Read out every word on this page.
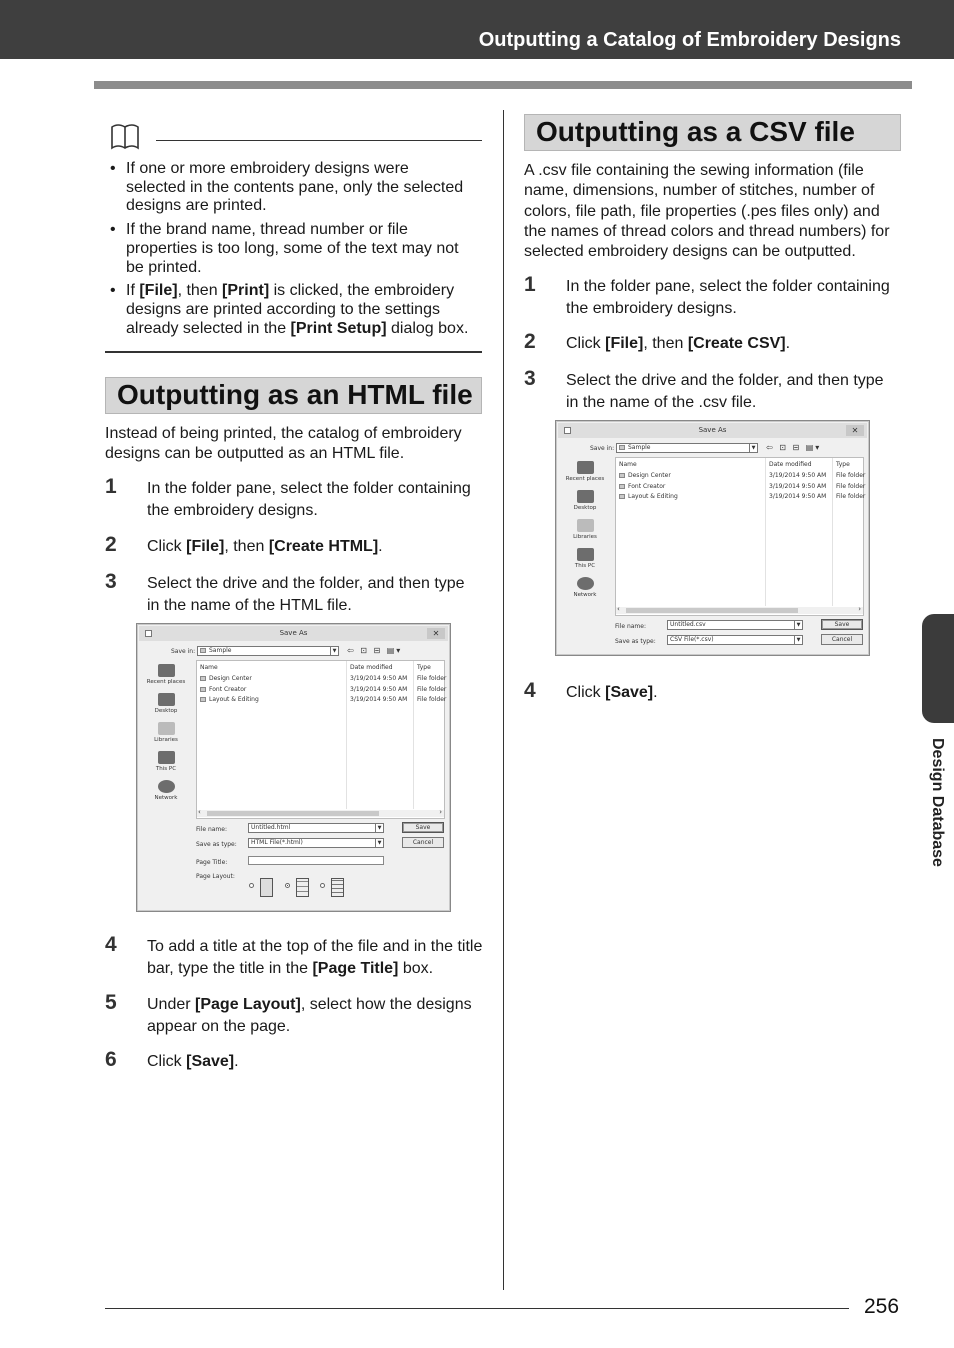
Outputting a Catalog of Embroidery Designs
• If one or more embroidery designs were
selected in the contents pane, only the selected
designs are printed.
• If the brand name, thread number or file
properties is too long, some of the text may not
be printed.
• If [File], then [Print] is clicked, the embroidery
designs are printed according to the settings
already selected in the [Print Setup] dialog box.
Outputting as an HTML file
Instead of being printed, the catalog of embroidery
designs can be outputted as an HTML file.
1 In the folder pane, select the folder containing
the embroidery designs.
2 Click [File], then [Create HTML].
3 Select the drive and the folder, and then type
in the name of the HTML file.
Save As	✕
Save in:	Sample	▼ ⇦ ⊡ ⊟ ▤▾
Recent places
Desktop
Libraries
This PC
Network
Name	Date modified	Type
Design Center	3/19/2014 9:50 AM File folder
Font Creator	3/19/2014 9:50 AM File folder
Layout & Editing	3/19/2014 9:50 AM File folder
‹	›
File name:	Untitled.html	▼	Save
Save as type:	HTML File(*.html)	▼	Cancel
Page Title:
Page Layout:
4 To add a title at the top of the file and in the title
bar, type the title in the [Page Title] box.
5 Under [Page Layout], select how the designs
appear on the page.
6 Click [Save].
Outputting as a CSV file
A .csv file containing the sewing information (file
name, dimensions, number of stitches, number of
colors, file path, file properties (.pes files only) and
the names of thread colors and thread numbers) for
selected embroidery designs can be outputted.
1 In the folder pane, select the folder containing
the embroidery designs.
2 Click [File], then [Create CSV].
3 Select the drive and the folder, and then type
in the name of the .csv file.
Save As	✕
Save in:	Sample	▼ ⇦ ⊡ ⊟ ▤▾
Recent places
Desktop
Libraries
This PC
Network
Name	Date modified	Type
Design Center	3/19/2014 9:50 AM File folder
Font Creator	3/19/2014 9:50 AM File folder
Layout & Editing	3/19/2014 9:50 AM File folder
‹	›
File name:	Untitled.csv	▼	Save
Save as type:	CSV File(*.csv)	▼	Cancel
4 Click [Save].
Design Database
256
